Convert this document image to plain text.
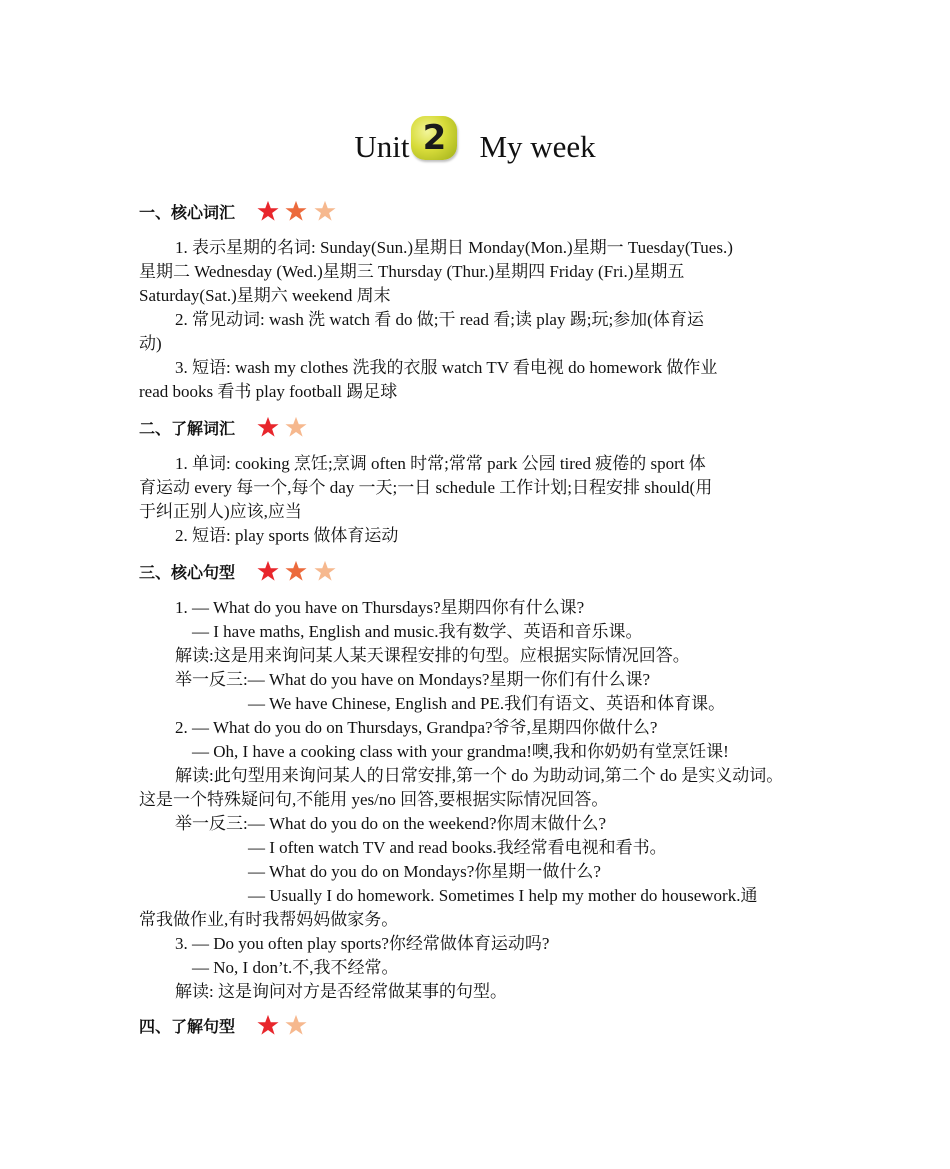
Unit 2 My week
一、核心词汇

1. 表示星期的名词: Sunday(Sun.)星期日 Monday(Mon.)星期一 Tuesday(Tues.)

星期二 Wednesday (Wed.)星期三 Thursday (Thur.)星期四 Friday (Fri.)星期五

Saturday(Sat.)星期六 weekend 周末

2. 常见动词: wash 洗 watch 看 do 做;干 read 看;读 play 踢;玩;参加(体育运

动)

3. 短语: wash my clothes 洗我的衣服 watch TV 看电视 do homework 做作业

read books 看书 play football 踢足球

二、了解词汇

1. 单词: cooking 烹饪;烹调 often 时常;常常 park 公园 tired 疲倦的 sport 体

育运动 every 每一个,每个 day 一天;一日 schedule 工作计划;日程安排 should(用

于纠正别人)应该,应当

2. 短语: play sports 做体育运动

三、核心句型

1. — What do you have on Thursdays?星期四你有什么课?

— I have maths, English and music.我有数学、英语和音乐课。

解读:这是用来询问某人某天课程安排的句型。应根据实际情况回答。

举一反三:— What do you have on Mondays?星期一你们有什么课?

— We have Chinese, English and PE.我们有语文、英语和体育课。

2. — What do you do on Thursdays, Grandpa?爷爷,星期四你做什么?

— Oh, I have a cooking class with your grandma!噢,我和你奶奶有堂烹饪课!

解读:此句型用来询问某人的日常安排,第一个 do 为助动词,第二个 do 是实义动词。

这是一个特殊疑问句,不能用 yes/no 回答,要根据实际情况回答。

举一反三:— What do you do on the weekend?你周末做什么?

— I often watch TV and read books.我经常看电视和看书。

— What do you do on Mondays?你星期一做什么?

— Usually I do homework. Sometimes I help my mother do housework.通

常我做作业,有时我帮妈妈做家务。

3. — Do you often play sports?你经常做体育运动吗?

— No, I don’t.不,我不经常。

解读: 这是询问对方是否经常做某事的句型。

四、了解句型
